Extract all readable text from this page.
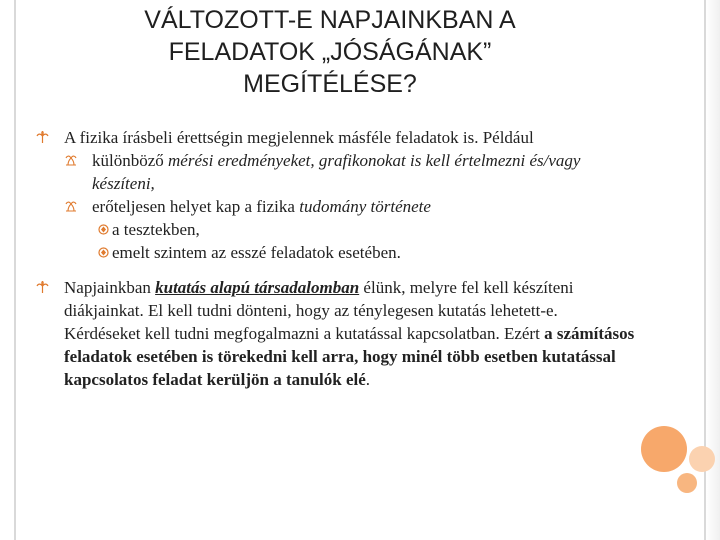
VÁLTOZOTT-E NAPJAINKBAN A
FELADATOK „JÓSÁGÁNAK”
MEGÍTÉLÉSE?
A fizika írásbeli érettségin megjelennek másféle feladatok is. Például
különböző mérési eredményeket, grafikonokat is kell értelmezni és/vagy készíteni,
erőteljesen helyet kap a fizika tudomány története
a tesztekben,
emelt szintem az esszé feladatok esetében.
Napjainkban kutatás alapú társadalomban élünk, melyre fel kell készíteni diákjainkat. El kell tudni dönteni, hogy az ténylegesen kutatás lehetett-e. Kérdéseket kell tudni megfogalmazni a kutatással kapcsolatban. Ezért a számításos feladatok esetében is törekedni kell arra, hogy minél több esetben kutatással kapcsolatos feladat kerüljön a tanulók elé.
